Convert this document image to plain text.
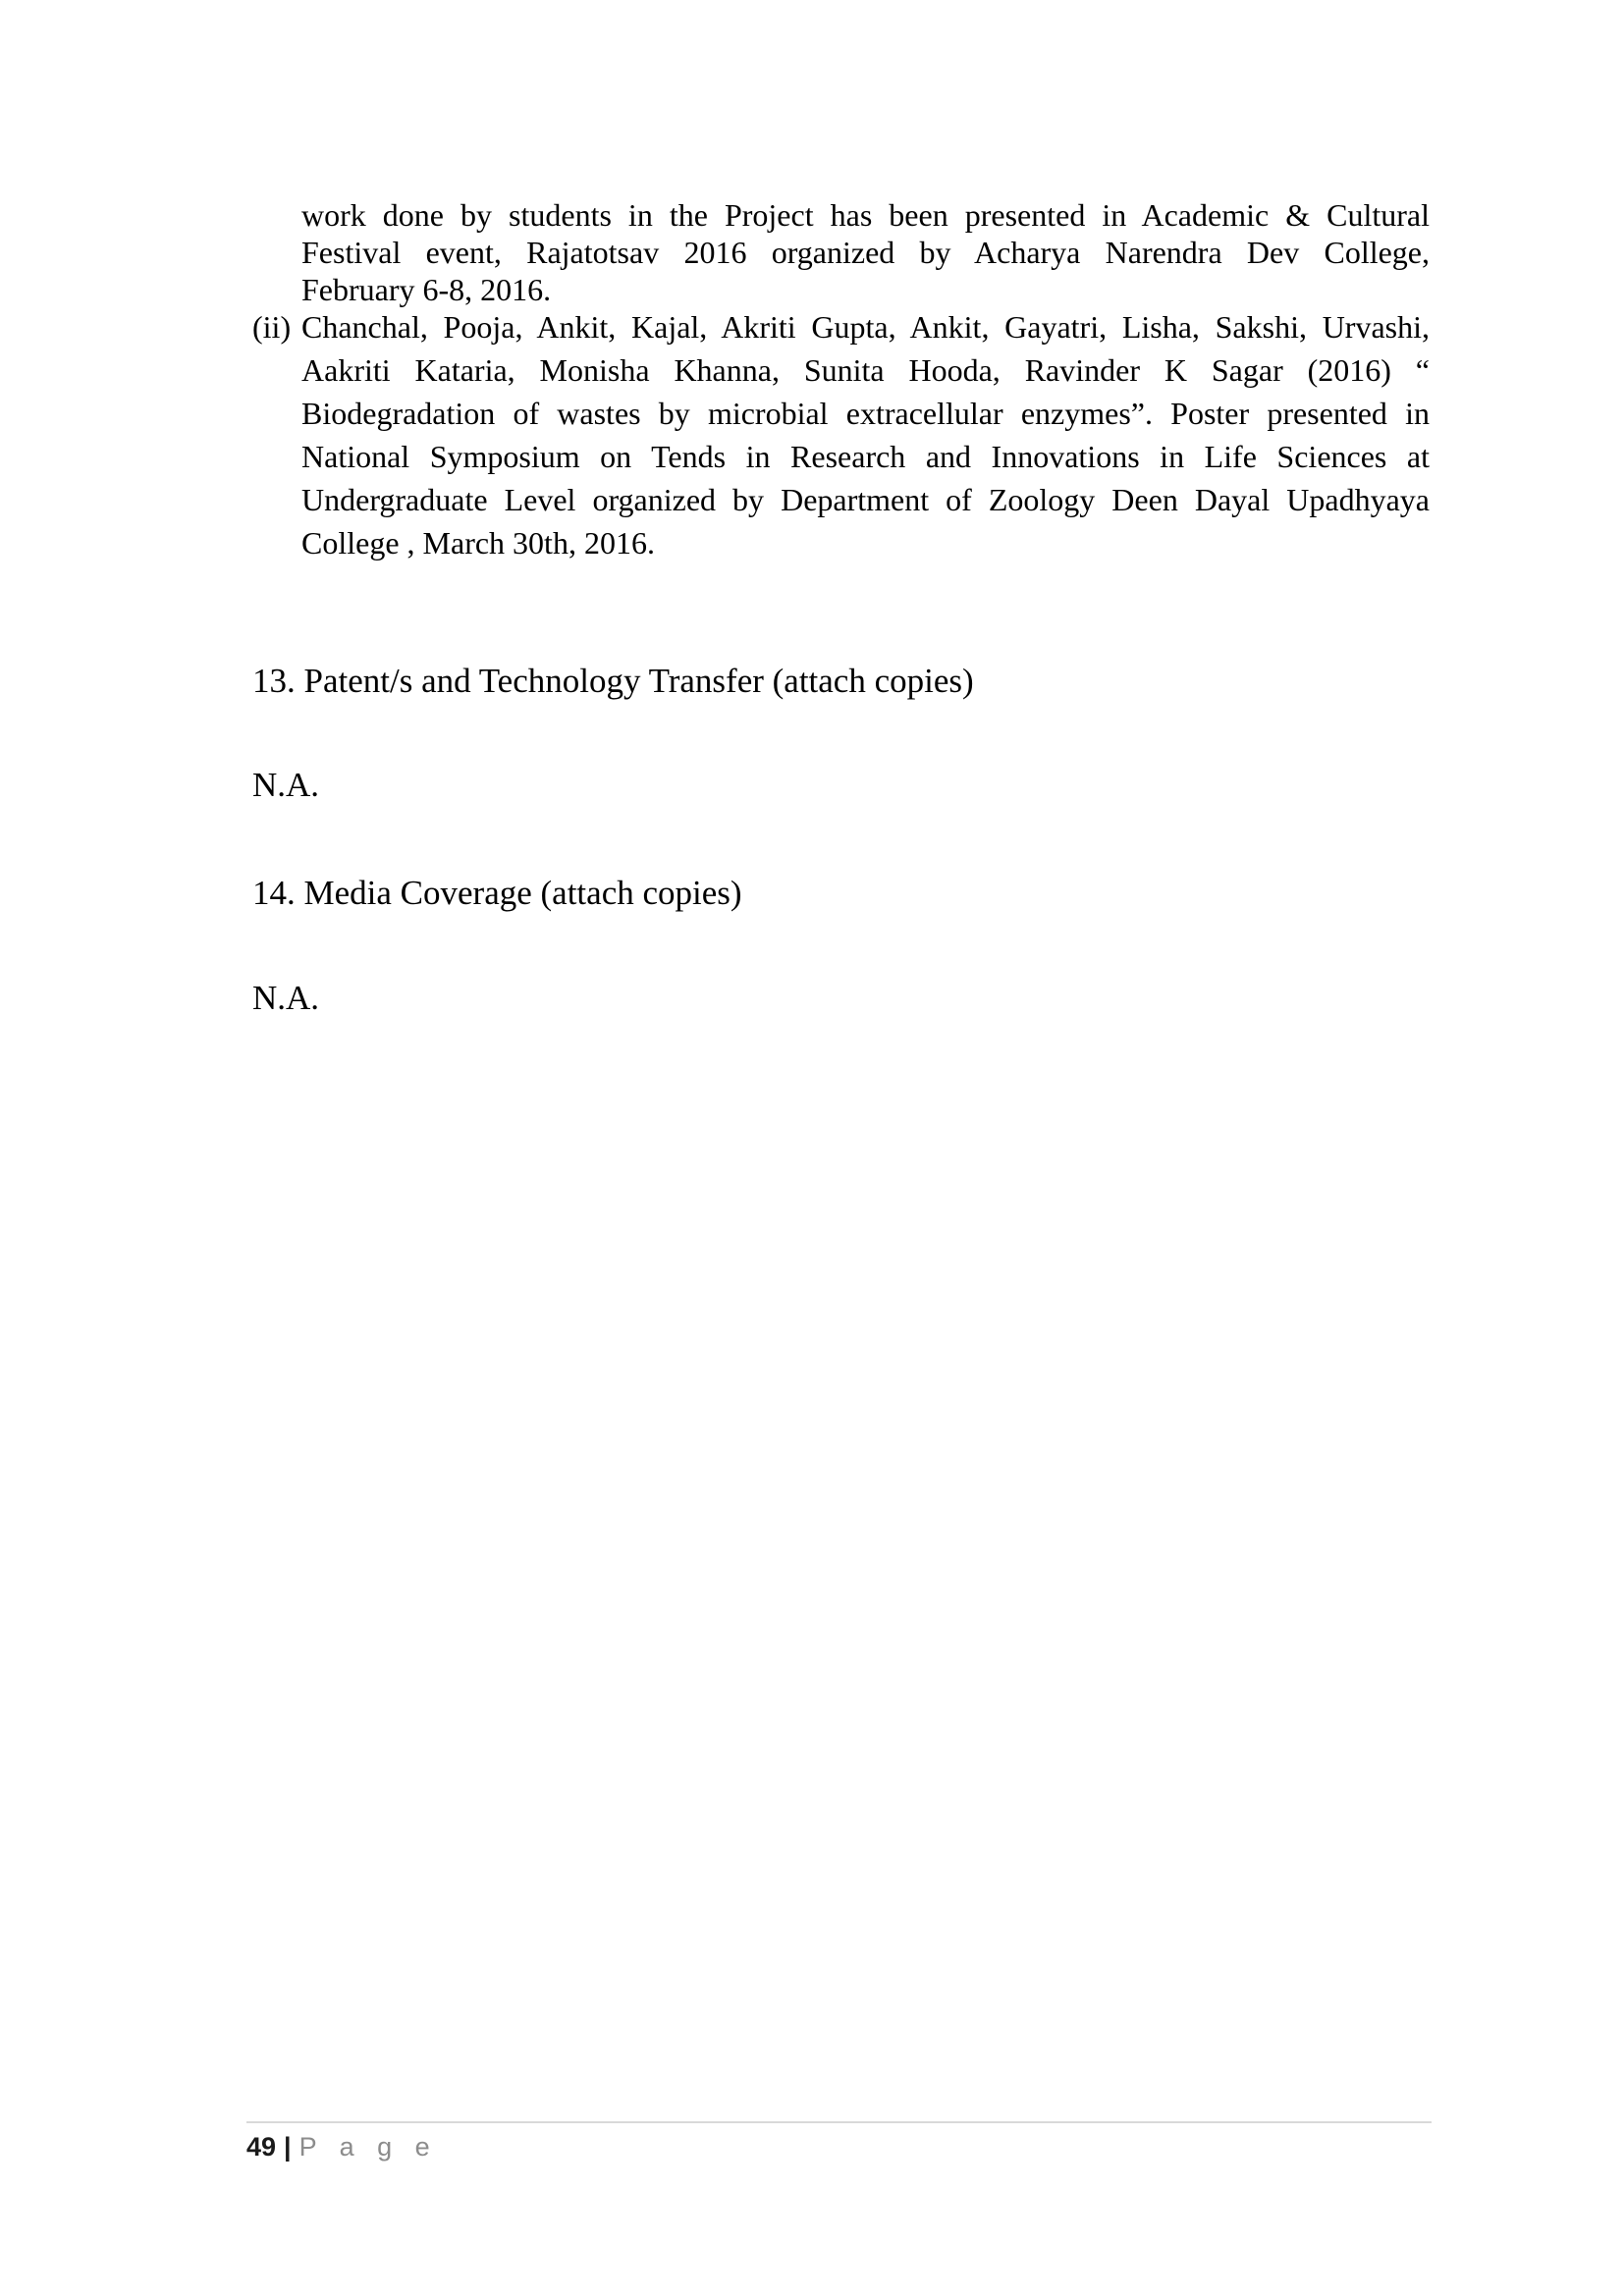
work done by students in the Project has been presented in Academic & Cultural
Festival event, Rajatotsav 2016 organized by Acharya Narendra Dev College,
February 6-8, 2016.
(ii) Chanchal, Pooja, Ankit, Kajal, Akriti Gupta, Ankit, Gayatri, Lisha, Sakshi, Urvashi,
Aakriti Kataria, Monisha Khanna, Sunita Hooda, Ravinder K Sagar (2016) “
Biodegradation of wastes by microbial extracellular enzymes”. Poster presented in
National Symposium on Tends in Research and Innovations in Life Sciences at
Undergraduate Level organized by Department of Zoology Deen Dayal Upadhyaya
College , March 30th, 2016.
13. Patent/s and Technology Transfer (attach copies)
N.A.
14. Media Coverage (attach copies)
N.A.
49 | P a g e
